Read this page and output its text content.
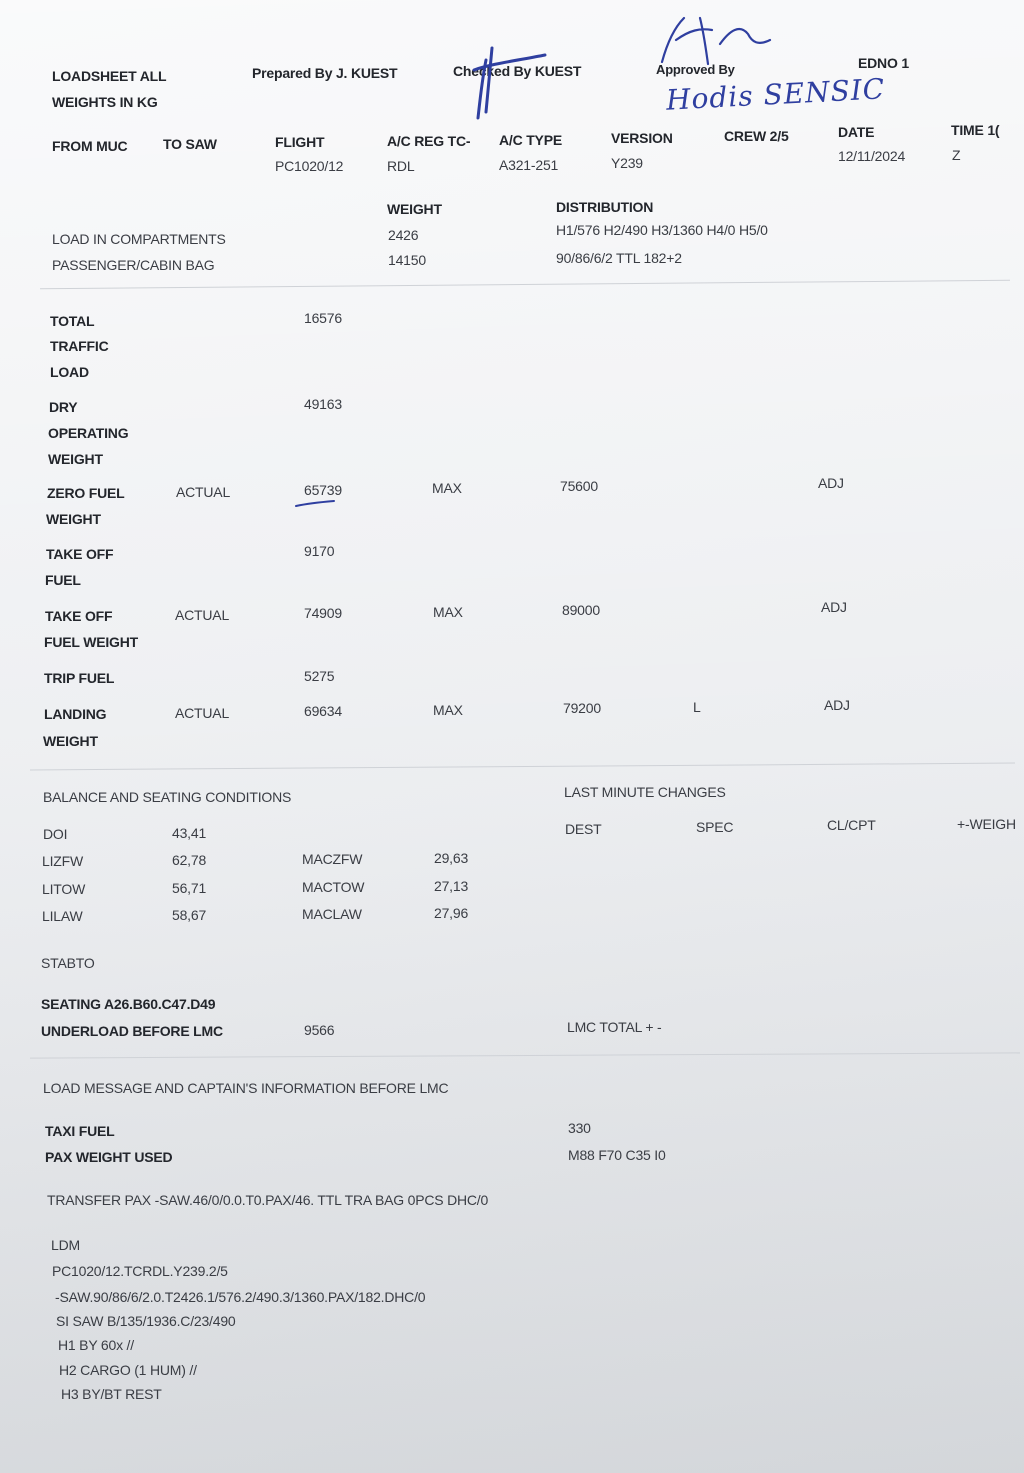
LOADSHEET ALL
WEIGHTS IN KG
Prepared By J. KUEST	Checked By KUEST	Approved By	EDNO 1
FROM MUC	TO SAW	FLIGHT
PC1020/12
A/C REG TC-
RDL
A/C TYPE
A321-251
VERSION
Y239
CREW 2/5	DATE
12/11/2024
TIME 1(
Z
WEIGHT	DISTRIBUTION
LOAD IN COMPARTMENTS	2426	H1/576 H2/490 H3/1360 H4/0 H5/0
PASSENGER/CABIN BAG	14150	90/86/6/2 TTL 182+2
TOTAL
TRAFFIC
LOAD
16576
DRY
OPERATING
WEIGHT
49163
ZERO FUEL
WEIGHT
ACTUAL	65739	MAX	75600	ADJ
TAKE OFF
FUEL
9170
TAKE OFF
FUEL WEIGHT
ACTUAL	74909	MAX	89000	ADJ
TRIP FUEL	5275
LANDING
WEIGHT
ACTUAL	69634	MAX	79200	L	ADJ
BALANCE AND SEATING CONDITIONS
DOI	43,41
LIZFW	62,78	MACZFW	29,63
LITOW	56,71	MACTOW	27,13
LILAW	58,67	MACLAW	27,96
STABTO
SEATING A26.B60.C47.D49
UNDERLOAD BEFORE LMC	9566
LAST MINUTE CHANGES
DEST	SPEC	CL/CPT	+-WEIGH
LMC TOTAL + -
LOAD MESSAGE AND CAPTAIN'S INFORMATION BEFORE LMC
TAXI FUEL	330
PAX WEIGHT USED	M88 F70 C35 I0
TRANSFER PAX -SAW.46/0/0.0.T0.PAX/46. TTL TRA BAG 0PCS DHC/0
LDM
PC1020/12.TCRDL.Y239.2/5
-SAW.90/86/6/2.0.T2426.1/576.2/490.3/1360.PAX/182.DHC/0
SI SAW B/135/1936.C/23/490
H1 BY 60x //
H2 CARGO (1 HUM) //
H3 BY/BT REST
Hodis SENSIC
